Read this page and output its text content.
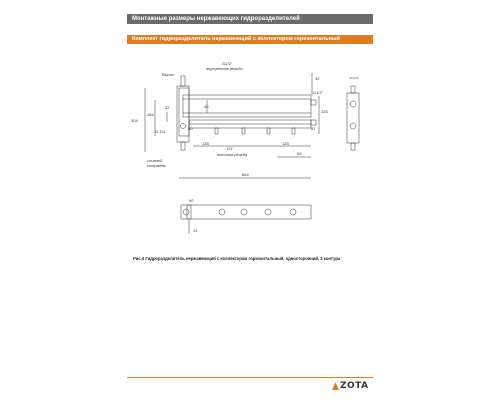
Монтажные размеры нержавеющих гидроразделителей
Комплект гидроразделитель нержавеющий с коллектором горизонтальный
G1/2"
внутренняя резьба
Вынос
G-1/4
сливной
стержень
G1"
внешняя резьба
G1/2"
32
40
125
67
304
284
32
80
135	125
50
664
90
13
Рис.4 Гидроразделитель нержавеющий с коллектором горизонтальный, односторонний, 3 контура
ZOTA
